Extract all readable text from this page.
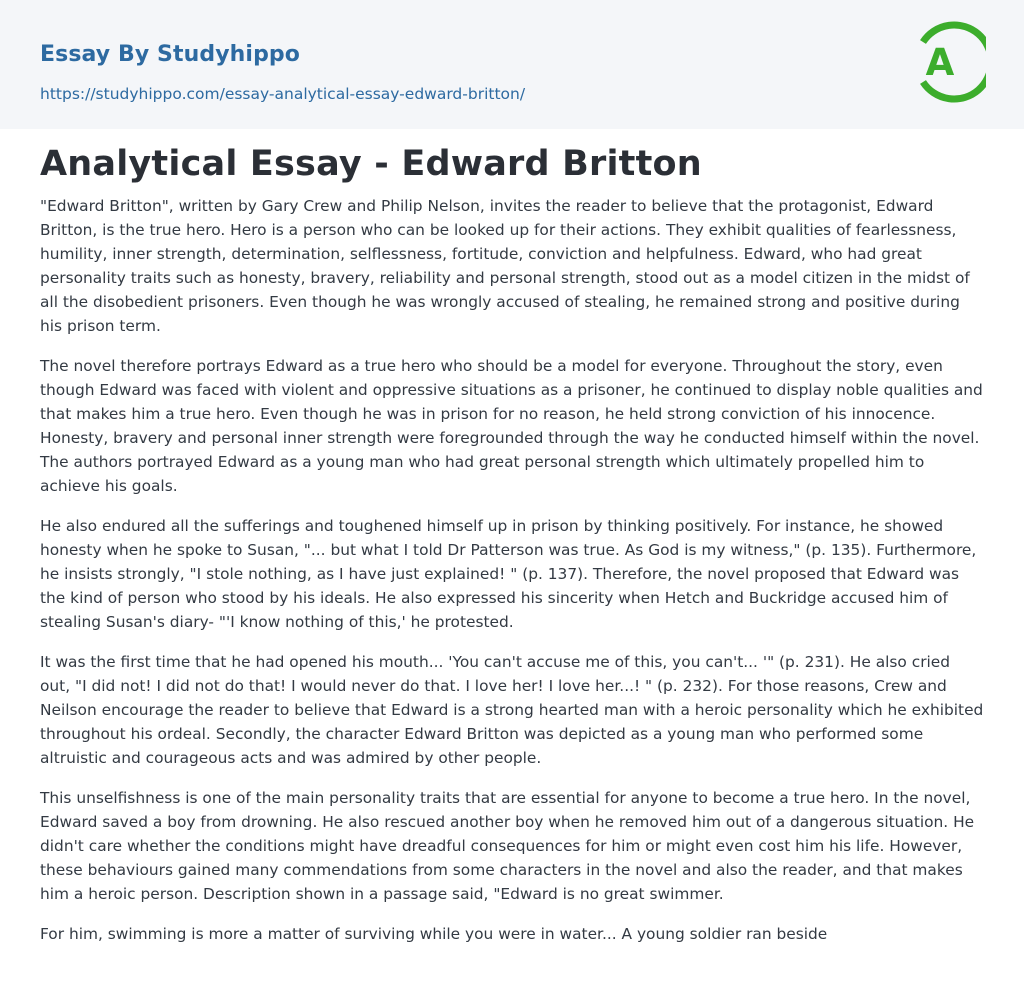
Essay By Studyhippo
https://studyhippo.com/essay-analytical-essay-edward-britton/
A
Analytical Essay - Edward Britton

"Edward Britton", written by Gary Crew and Philip Nelson, invites the reader to believe that the protagonist, Edward Britton, is the true hero. Hero is a person who can be looked up for their actions. They exhibit qualities of fearlessness, humility, inner strength, determination, selflessness, fortitude, conviction and helpfulness. Edward, who had great personality traits such as honesty, bravery, reliability and personal strength, stood out as a model citizen in the midst of all the disobedient prisoners. Even though he was wrongly accused of stealing, he remained strong and positive during his prison term.

The novel therefore portrays Edward as a true hero who should be a model for everyone. Throughout the story, even though Edward was faced with violent and oppressive situations as a prisoner, he continued to display noble qualities and that makes him a true hero. Even though he was in prison for no reason, he held strong conviction of his innocence. Honesty, bravery and personal inner strength were foregrounded through the way he conducted himself within the novel. The authors portrayed Edward as a young man who had great personal strength which ultimately propelled him to achieve his goals.

He also endured all the sufferings and toughened himself up in prison by thinking positively. For instance, he showed honesty when he spoke to Susan, "... but what I told Dr Patterson was true. As God is my witness," (p. 135). Furthermore, he insists strongly, "I stole nothing, as I have just explained! " (p. 137). Therefore, the novel proposed that Edward was the kind of person who stood by his ideals. He also expressed his sincerity when Hetch and Buckridge accused him of stealing Susan's diary- "'I know nothing of this,' he protested.

It was the first time that he had opened his mouth... 'You can't accuse me of this, you can't... '" (p. 231). He also cried out, "I did not! I did not do that! I would never do that. I love her! I love her...! " (p. 232). For those reasons, Crew and Neilson encourage the reader to believe that Edward is a strong hearted man with a heroic personality which he exhibited throughout his ordeal. Secondly, the character Edward Britton was depicted as a young man who performed some altruistic and courageous acts and was admired by other people.

This unselfishness is one of the main personality traits that are essential for anyone to become a true hero. In the novel, Edward saved a boy from drowning. He also rescued another boy when he removed him out of a dangerous situation. He didn't care whether the conditions might have dreadful consequences for him or might even cost him his life. However, these behaviours gained many commendations from some characters in the novel and also the reader, and that makes him a heroic person. Description shown in a passage said, "Edward is no great swimmer.

For him, swimming is more a matter of surviving while you were in water... A young soldier ran beside
